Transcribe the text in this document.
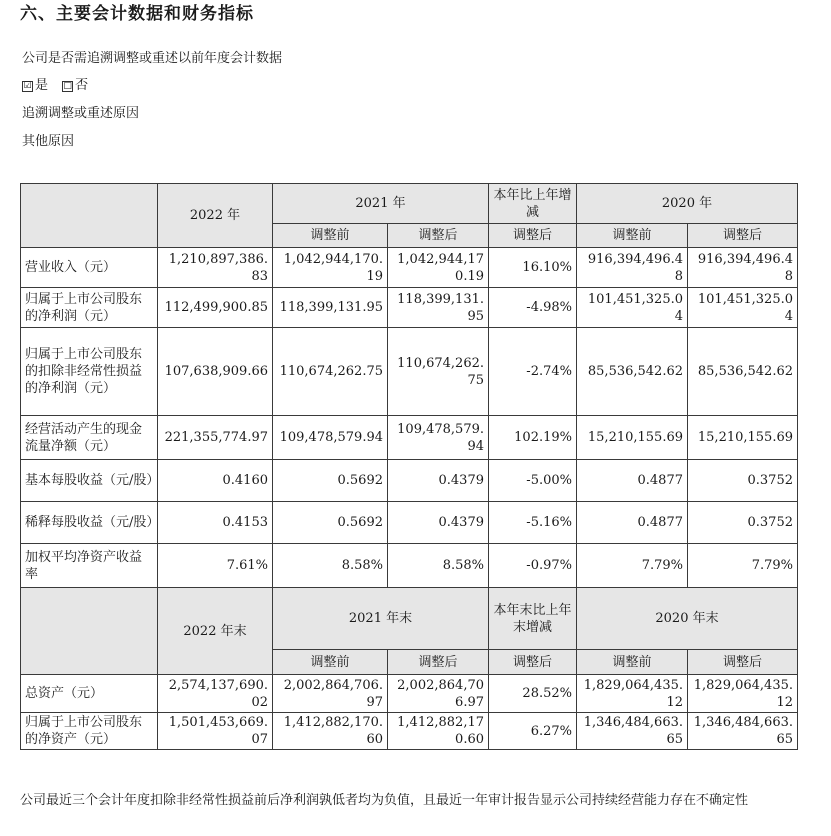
六、主要会计数据和财务指标
公司是否需追溯调整或重述以前年度会计数据
☑ 是 □ 否
追溯调整或重述原因
其他原因
	2022 年	2021 年		本年比上年增减	2020 年	
		调整前	调整后	调整后	调整前	调整后
营业收入（元）	1,210,897,386.83	1,042,944,170.19	1,042,944,170.19	16.10%	916,394,496.48	916,394,496.48
归属于上市公司股东的净利润（元）	112,499,900.85	118,399,131.95	118,399,131.95	-4.98%	101,451,325.04	101,451,325.04
归属于上市公司股东的扣除非经常性损益的净利润（元）	107,638,909.66	110,674,262.75	110,674,262.75	-2.74%	85,536,542.62	85,536,542.62
经营活动产生的现金流量净额（元）	221,355,774.97	109,478,579.94	109,478,579.94	102.19%	15,210,155.69	15,210,155.69
基本每股收益（元/股）	0.4160	0.5692	0.4379	-5.00%	0.4877	0.3752
稀释每股收益（元/股）	0.4153	0.5692	0.4379	-5.16%	0.4877	0.3752
加权平均净资产收益率	7.61%	8.58%	8.58%	-0.97%	7.79%	7.79%
	2022 年末	2021 年末		本年末比上年末增减	2020 年末	
		调整前	调整后	调整后	调整前	调整后
总资产（元）	2,574,137,690.02	2,002,864,706.97	2,002,864,706.97	28.52%	1,829,064,435.12	1,829,064,435.12
归属于上市公司股东的净资产（元）	1,501,453,669.07	1,412,882,170.60	1,412,882,170.60	6.27%	1,346,484,663.65	1,346,484,663.65
公司最近三个会计年度扣除非经常性损益前后净利润孰低者均为负值，且最近一年审计报告显示公司持续经营能力存在不确定性
